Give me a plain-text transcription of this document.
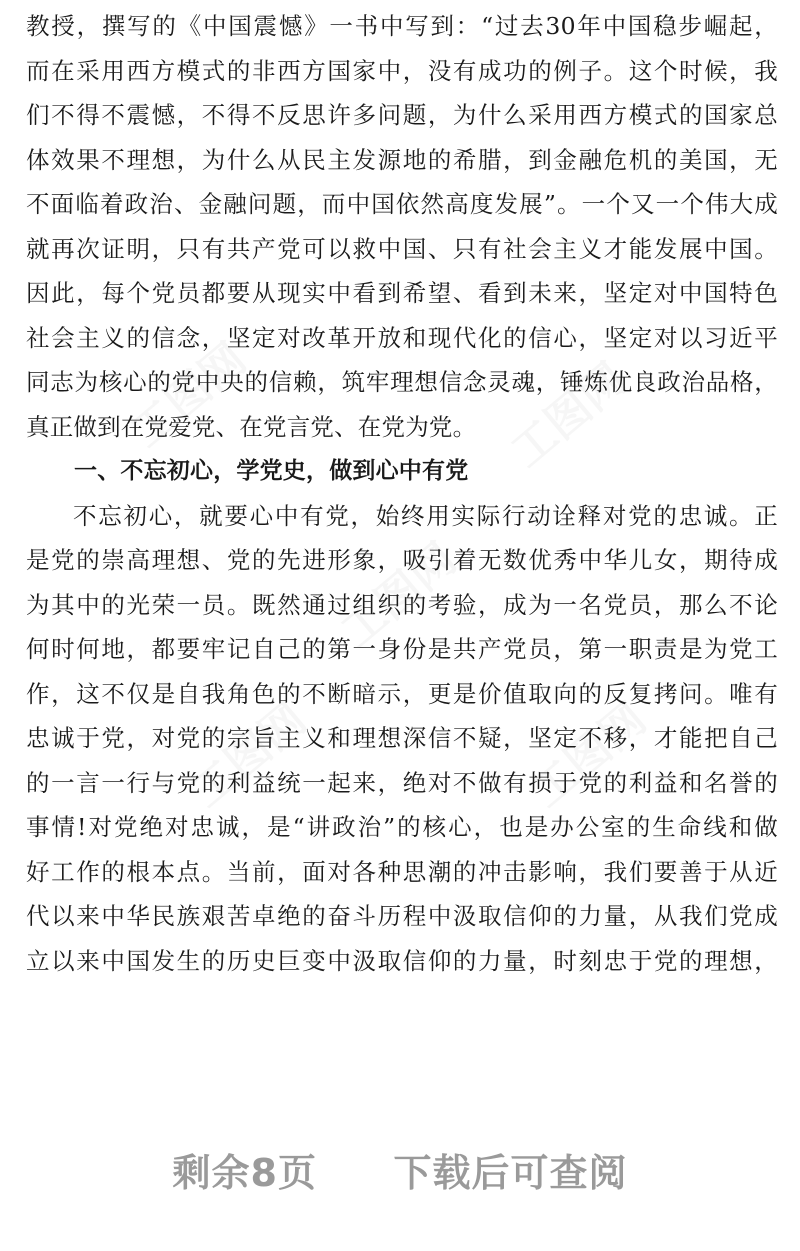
工图网
工图网
工图网
工图网	工图网
教授，撰写的《中国震憾》一书中写到：“过去30年中国稳步崛起，
而在采用西方模式的非西方国家中，没有成功的例子。这个时候，我
们不得不震憾，不得不反思许多问题，为什么采用西方模式的国家总
体效果不理想，为什么从民主发源地的希腊，到金融危机的美国，无
不面临着政治、金融问题，而中国依然高度发展”。一个又一个伟大成
就再次证明，只有共产党可以救中国、只有社会主义才能发展中国。
因此，每个党员都要从现实中看到希望、看到未来，坚定对中国特色
社会主义的信念，坚定对改革开放和现代化的信心，坚定对以习近平
同志为核心的党中央的信赖，筑牢理想信念灵魂，锤炼优良政治品格，
真正做到在党爱党、在党言党、在党为党。
一、不忘初心，学党史，做到心中有党
不忘初心，就要心中有党，始终用实际行动诠释对党的忠诚。正
是党的崇高理想、党的先进形象，吸引着无数优秀中华儿女，期待成
为其中的光荣一员。既然通过组织的考验，成为一名党员，那么不论
何时何地，都要牢记自己的第一身份是共产党员，第一职责是为党工
作，这不仅是自我角色的不断暗示，更是价值取向的反复拷问。唯有
忠诚于党，对党的宗旨主义和理想深信不疑，坚定不移，才能把自己
的一言一行与党的利益统一起来，绝对不做有损于党的利益和名誉的
事情!对党绝对忠诚，是“讲政治”的核心，也是办公室的生命线和做
好工作的根本点。当前，面对各种思潮的冲击影响，我们要善于从近
代以来中华民族艰苦卓绝的奋斗历程中汲取信仰的力量，从我们党成
立以来中国发生的历史巨变中汲取信仰的力量，时刻忠于党的理想，
剩余8页 下载后可查阅
